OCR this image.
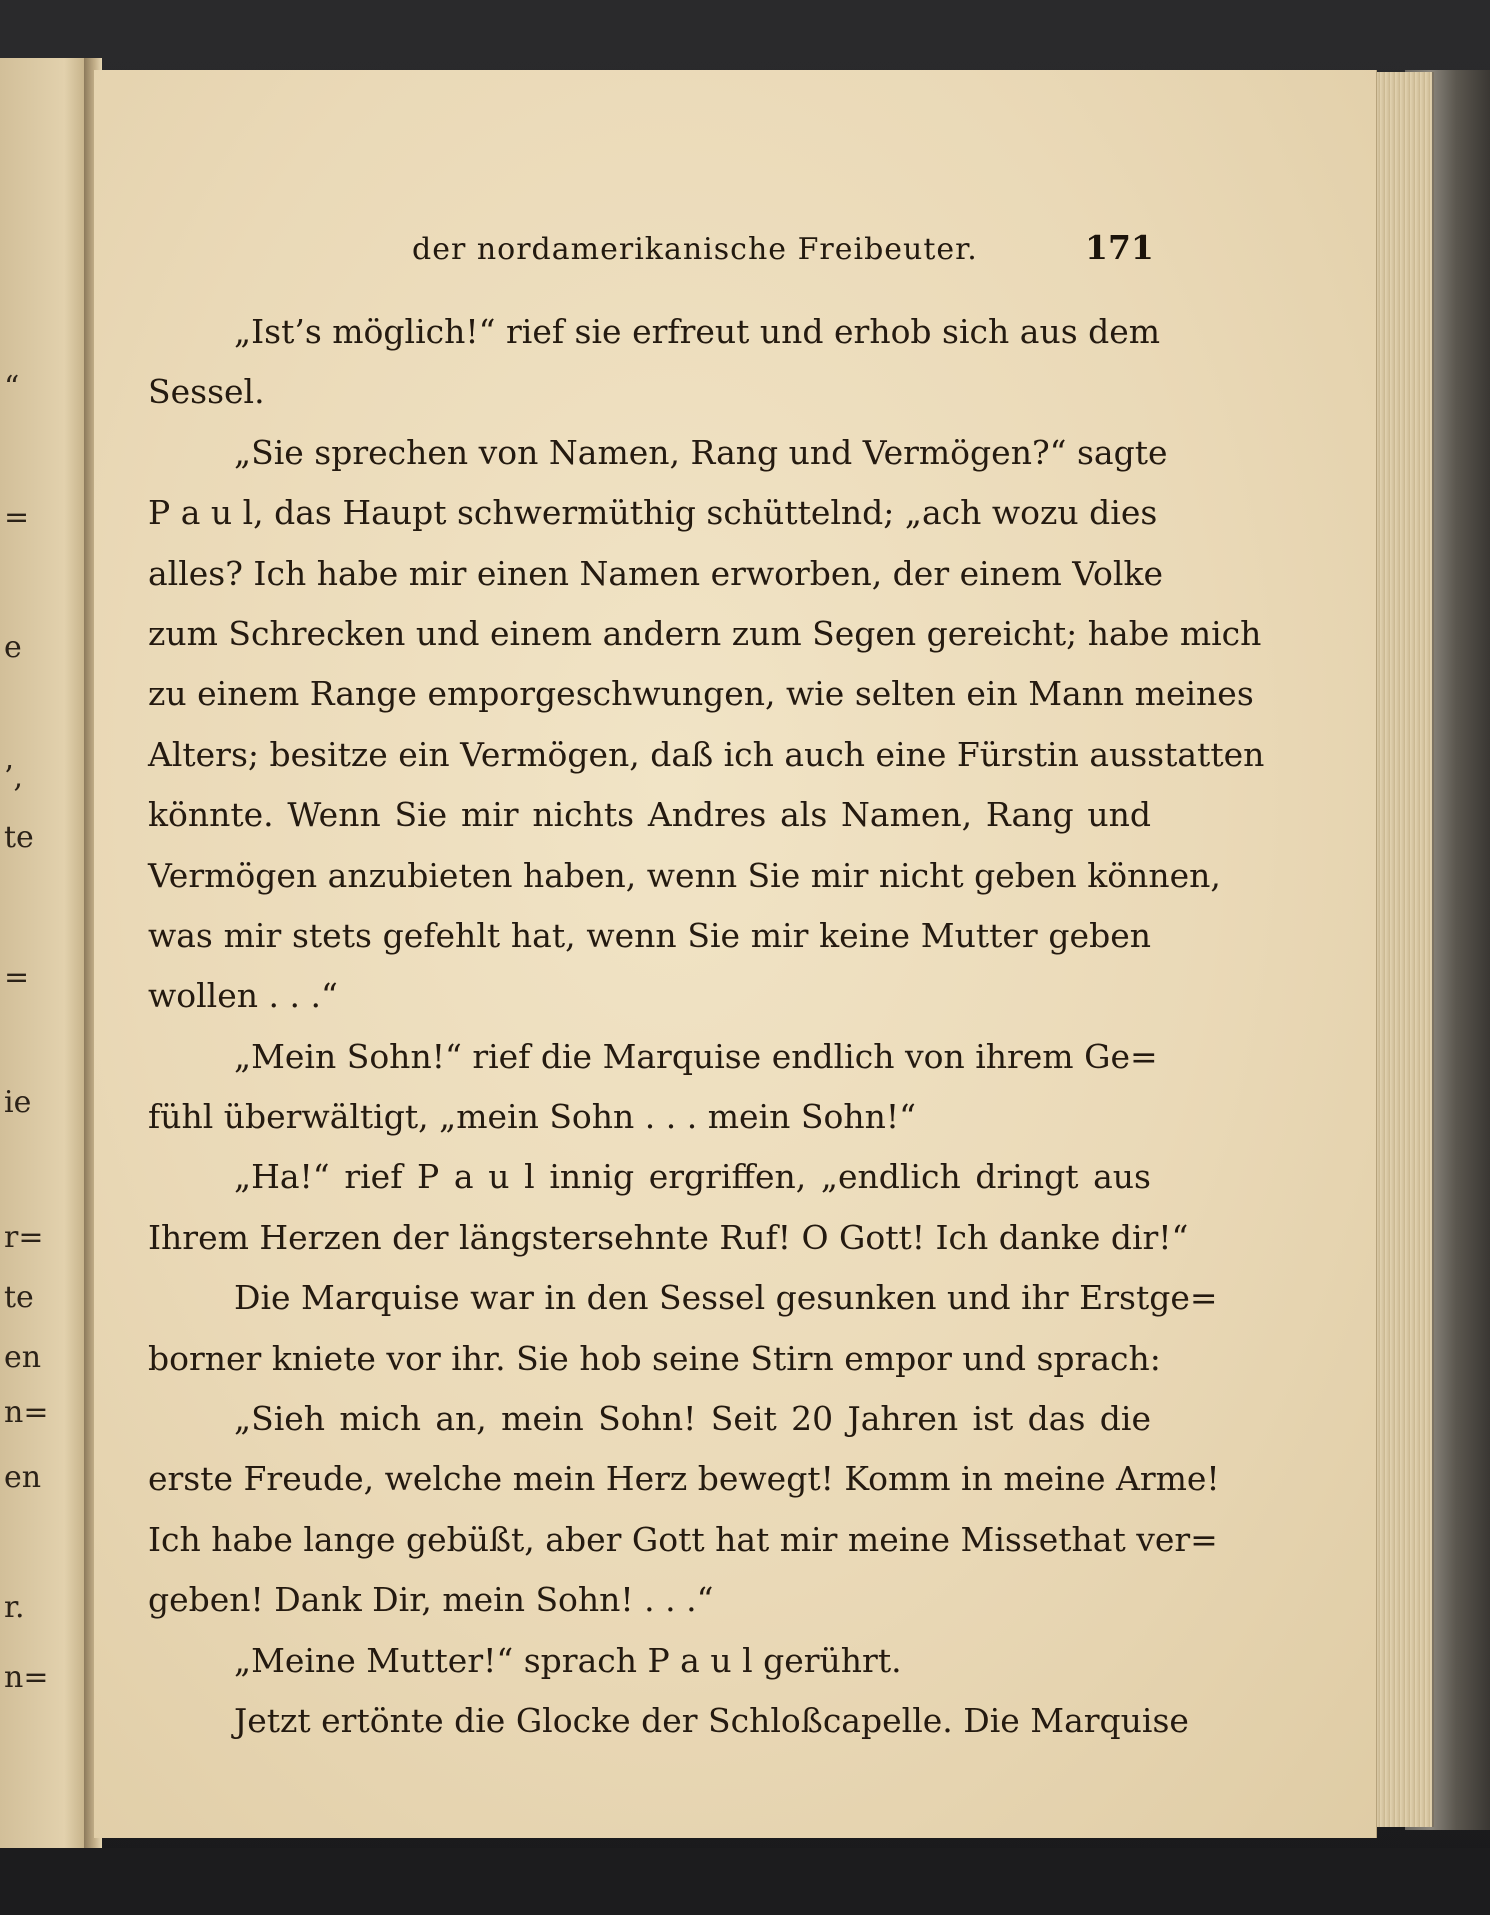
“
=
e
’,
te
=
ie
r=
te
en
n=
en
r.
n=
der nordamerikanische Freibeuter.	171
„Ist’s möglich!“ rief sie erfreut und erhob sich aus dem
Sessel.
„Sie sprechen von Namen, Rang und Vermögen?“ sagte
P a u l, das Haupt schwermüthig schüttelnd; „ach wozu dies
alles? Ich habe mir einen Namen erworben, der einem Volke
zum Schrecken und einem andern zum Segen gereicht; habe mich
zu einem Range emporgeschwungen, wie selten ein Mann meines
Alters; besitze ein Vermögen, daß ich auch eine Fürstin ausstatten
könnte. Wenn Sie mir nichts Andres als Namen, Rang und
Vermögen anzubieten haben, wenn Sie mir nicht geben können,
was mir stets gefehlt hat, wenn Sie mir keine Mutter geben
wollen . . .“
„Mein Sohn!“ rief die Marquise endlich von ihrem Ge=
fühl überwältigt, „mein Sohn . . . mein Sohn!“
„Ha!“ rief P a u l innig ergriffen, „endlich dringt aus
Ihrem Herzen der längstersehnte Ruf! O Gott! Ich danke dir!“
Die Marquise war in den Sessel gesunken und ihr Erstge=
borner kniete vor ihr. Sie hob seine Stirn empor und sprach:
„Sieh mich an, mein Sohn! Seit 20 Jahren ist das die
erste Freude, welche mein Herz bewegt! Komm in meine Arme!
Ich habe lange gebüßt, aber Gott hat mir meine Missethat ver=
geben! Dank Dir, mein Sohn! . . .“
„Meine Mutter!“ sprach P a u l gerührt.
Jetzt ertönte die Glocke der Schloßcapelle. Die Marquise
